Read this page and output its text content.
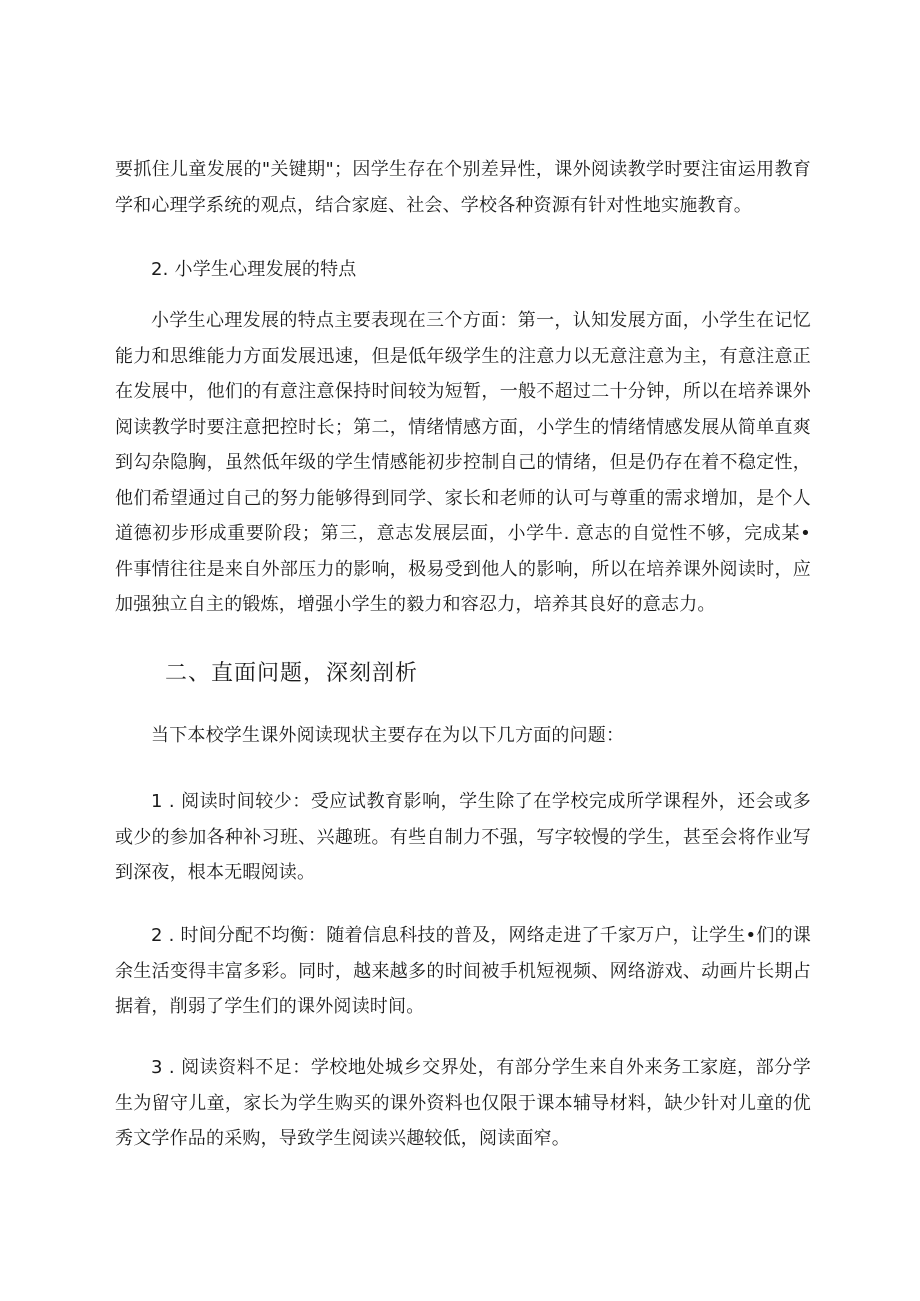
要抓住儿童发展的"关键期"；因学生存在个别差异性，课外阅读教学时要注宙运用教育学和心理学系统的观点，结合家庭、社会、学校各种资源有针对性地实施教育。

2. 小学生心理发展的特点

小学生心理发展的特点主要表现在三个方面：第一，认知发展方面，小学生在记忆能力和思维能力方面发展迅速，但是低年级学生的注意力以无意注意为主，有意注意正在发展中，他们的有意注意保持时间较为短暂，一般不超过二十分钟，所以在培养课外阅读教学时要注意把控时长；第二，情绪情感方面，小学生的情绪情感发展从简单直爽到勾杂隐胸，虽然低年级的学生情感能初步控制自己的情绪，但是仍存在着不稳定性，他们希望通过自己的努力能够得到同学、家长和老师的认可与尊重的需求增加，是个人道德初步形成重要阶段；第三，意志发展层面，小学牛. 意志的自觉性不够，完成某•件事情往往是来自外部压力的影响，极易受到他人的影响，所以在培养课外阅读时，应加强独立自主的锻炼，增强小学生的毅力和容忍力，培养其良好的意志力。

二、直面问题，深刻剖析

当下本校学生课外阅读现状主要存在为以下几方面的问题：

1 . 阅读时间较少：受应试教育影响，学生除了在学校完成所学课程外，还会或多或少的参加各种补习班、兴趣班。有些自制力不强，写字较慢的学生，甚至会将作业写到深夜，根本无暇阅读。

2 . 时间分配不均衡：随着信息科技的普及，网络走进了千家万户，让学生•们的课余生活变得丰富多彩。同时，越来越多的时间被手机短视频、网络游戏、动画片长期占据着，削弱了学生们的课外阅读时间。

3 . 阅读资料不足：学校地处城乡交界处，有部分学生来自外来务工家庭，部分学生为留守儿童，家长为学生购买的课外资料也仅限于课本辅导材料，缺少针对儿童的优秀文学作品的采购，导致学生阅读兴趣较低，阅读面窄。
